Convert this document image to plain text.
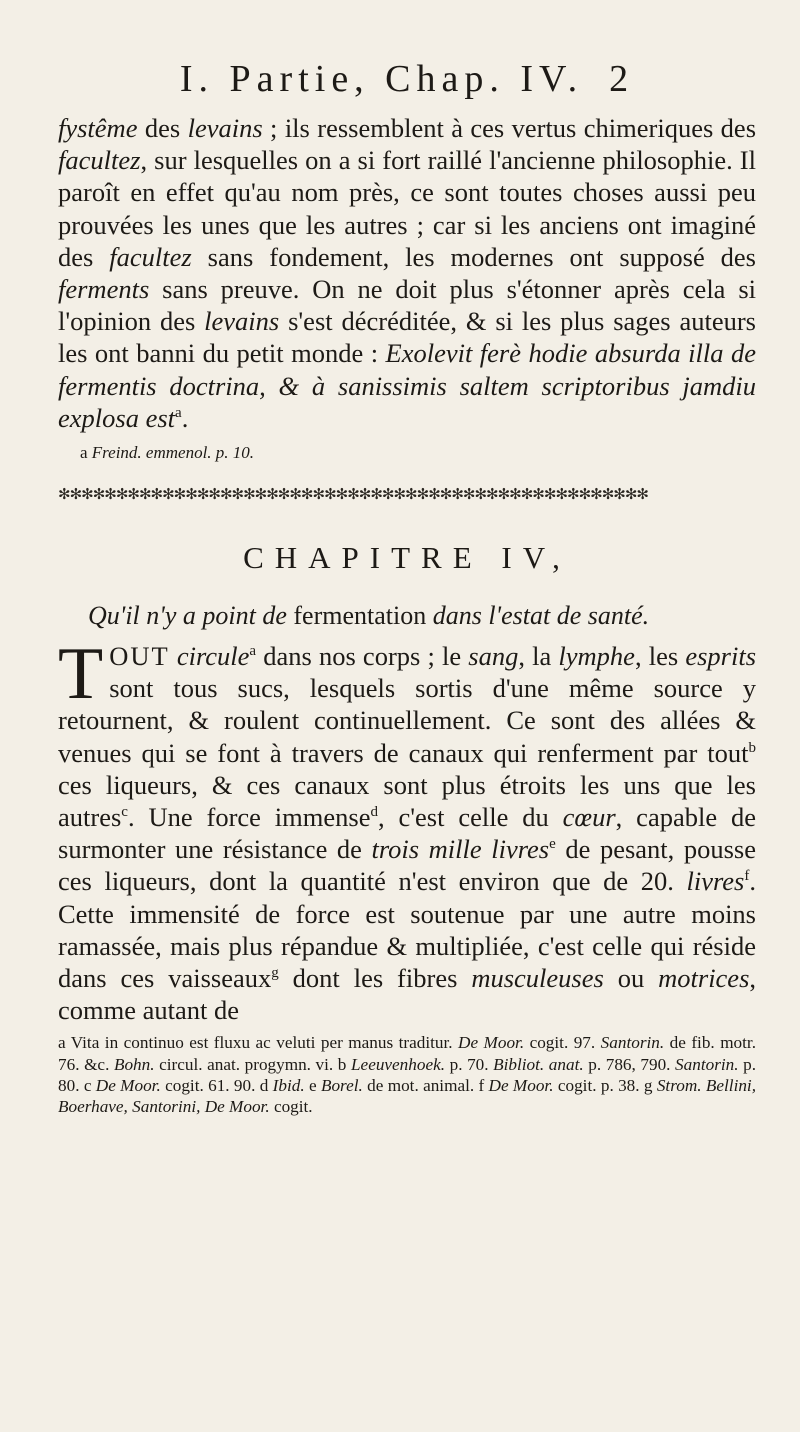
I. Partie, Chap. IV. 2

fystême des levains ; ils ressemblent à ces vertus chimeriques des facultez, sur lesquelles on a si fort raillé l'ancienne philosophie. Il paroît en effet qu'au nom près, ce sont toutes choses aussi peu prouvées les unes que les autres ; car si les anciens ont imaginé des facultez sans fondement, les modernes ont supposé des ferments sans preuve. On ne doit plus s'étonner après cela si l'opinion des levains s'est décréditée, & si les plus sages auteurs les ont banni du petit monde : Exolevit ferè hodie absurda illa de fermentis doctrina, & à sanissimis saltem scriptoribus jamdiu explosa est$^a$.

a Freind. emmenol. p. 10.
✻✻✻✻✻✻✻✻✻✻✻✻✻✻✻✻✻✻✻✻✻✻✻✻✻✻✻✻✻✻✻✻✻✻✻✻✻✻✻✻✻✻✻✻✻✻✻✻✻✻✻
CHAPITRE IV,
Qu'il n'y a point de fermentation dans l'estat de santé.

TOUT circule$^a$ dans nos corps ; le sang, la lymphe, les esprits sont tous sucs, lesquels sortis d'une même source y retournent, & roulent continuellement. Ce sont des allées & venues qui se font à travers de canaux qui renferment par tout$^b$ ces liqueurs, & ces canaux sont plus étroits les uns que les autres$^c$. Une force immense$^d$, c'est celle du cœur, capable de surmonter une résistance de trois mille livres$^e$ de pesant, pousse ces liqueurs, dont la quantité n'est environ que de 20. livres$^f$. Cette immensité de force est soutenue par une autre moins ramassée, mais plus répandue & multipliée, c'est celle qui réside dans ces vaisseaux$^g$ dont les fibres musculeuses ou motrices, comme autant de

a Vita in continuo est fluxu ac veluti per manus traditur. De Moor. cogit. 97. Santorin. de fib. motr. 76. &c. Bohn. circul. anat. progymn. vi. b Leeuvenhoek. p. 70. Bibliot. anat. p. 786, 790. Santorin. p. 80. c De Moor. cogit. 61. 90. d Ibid. e Borel. de mot. animal. f De Moor. cogit. p. 38. g Strom. Bellini, Boerhave, Santorini, De Moor. cogit.
